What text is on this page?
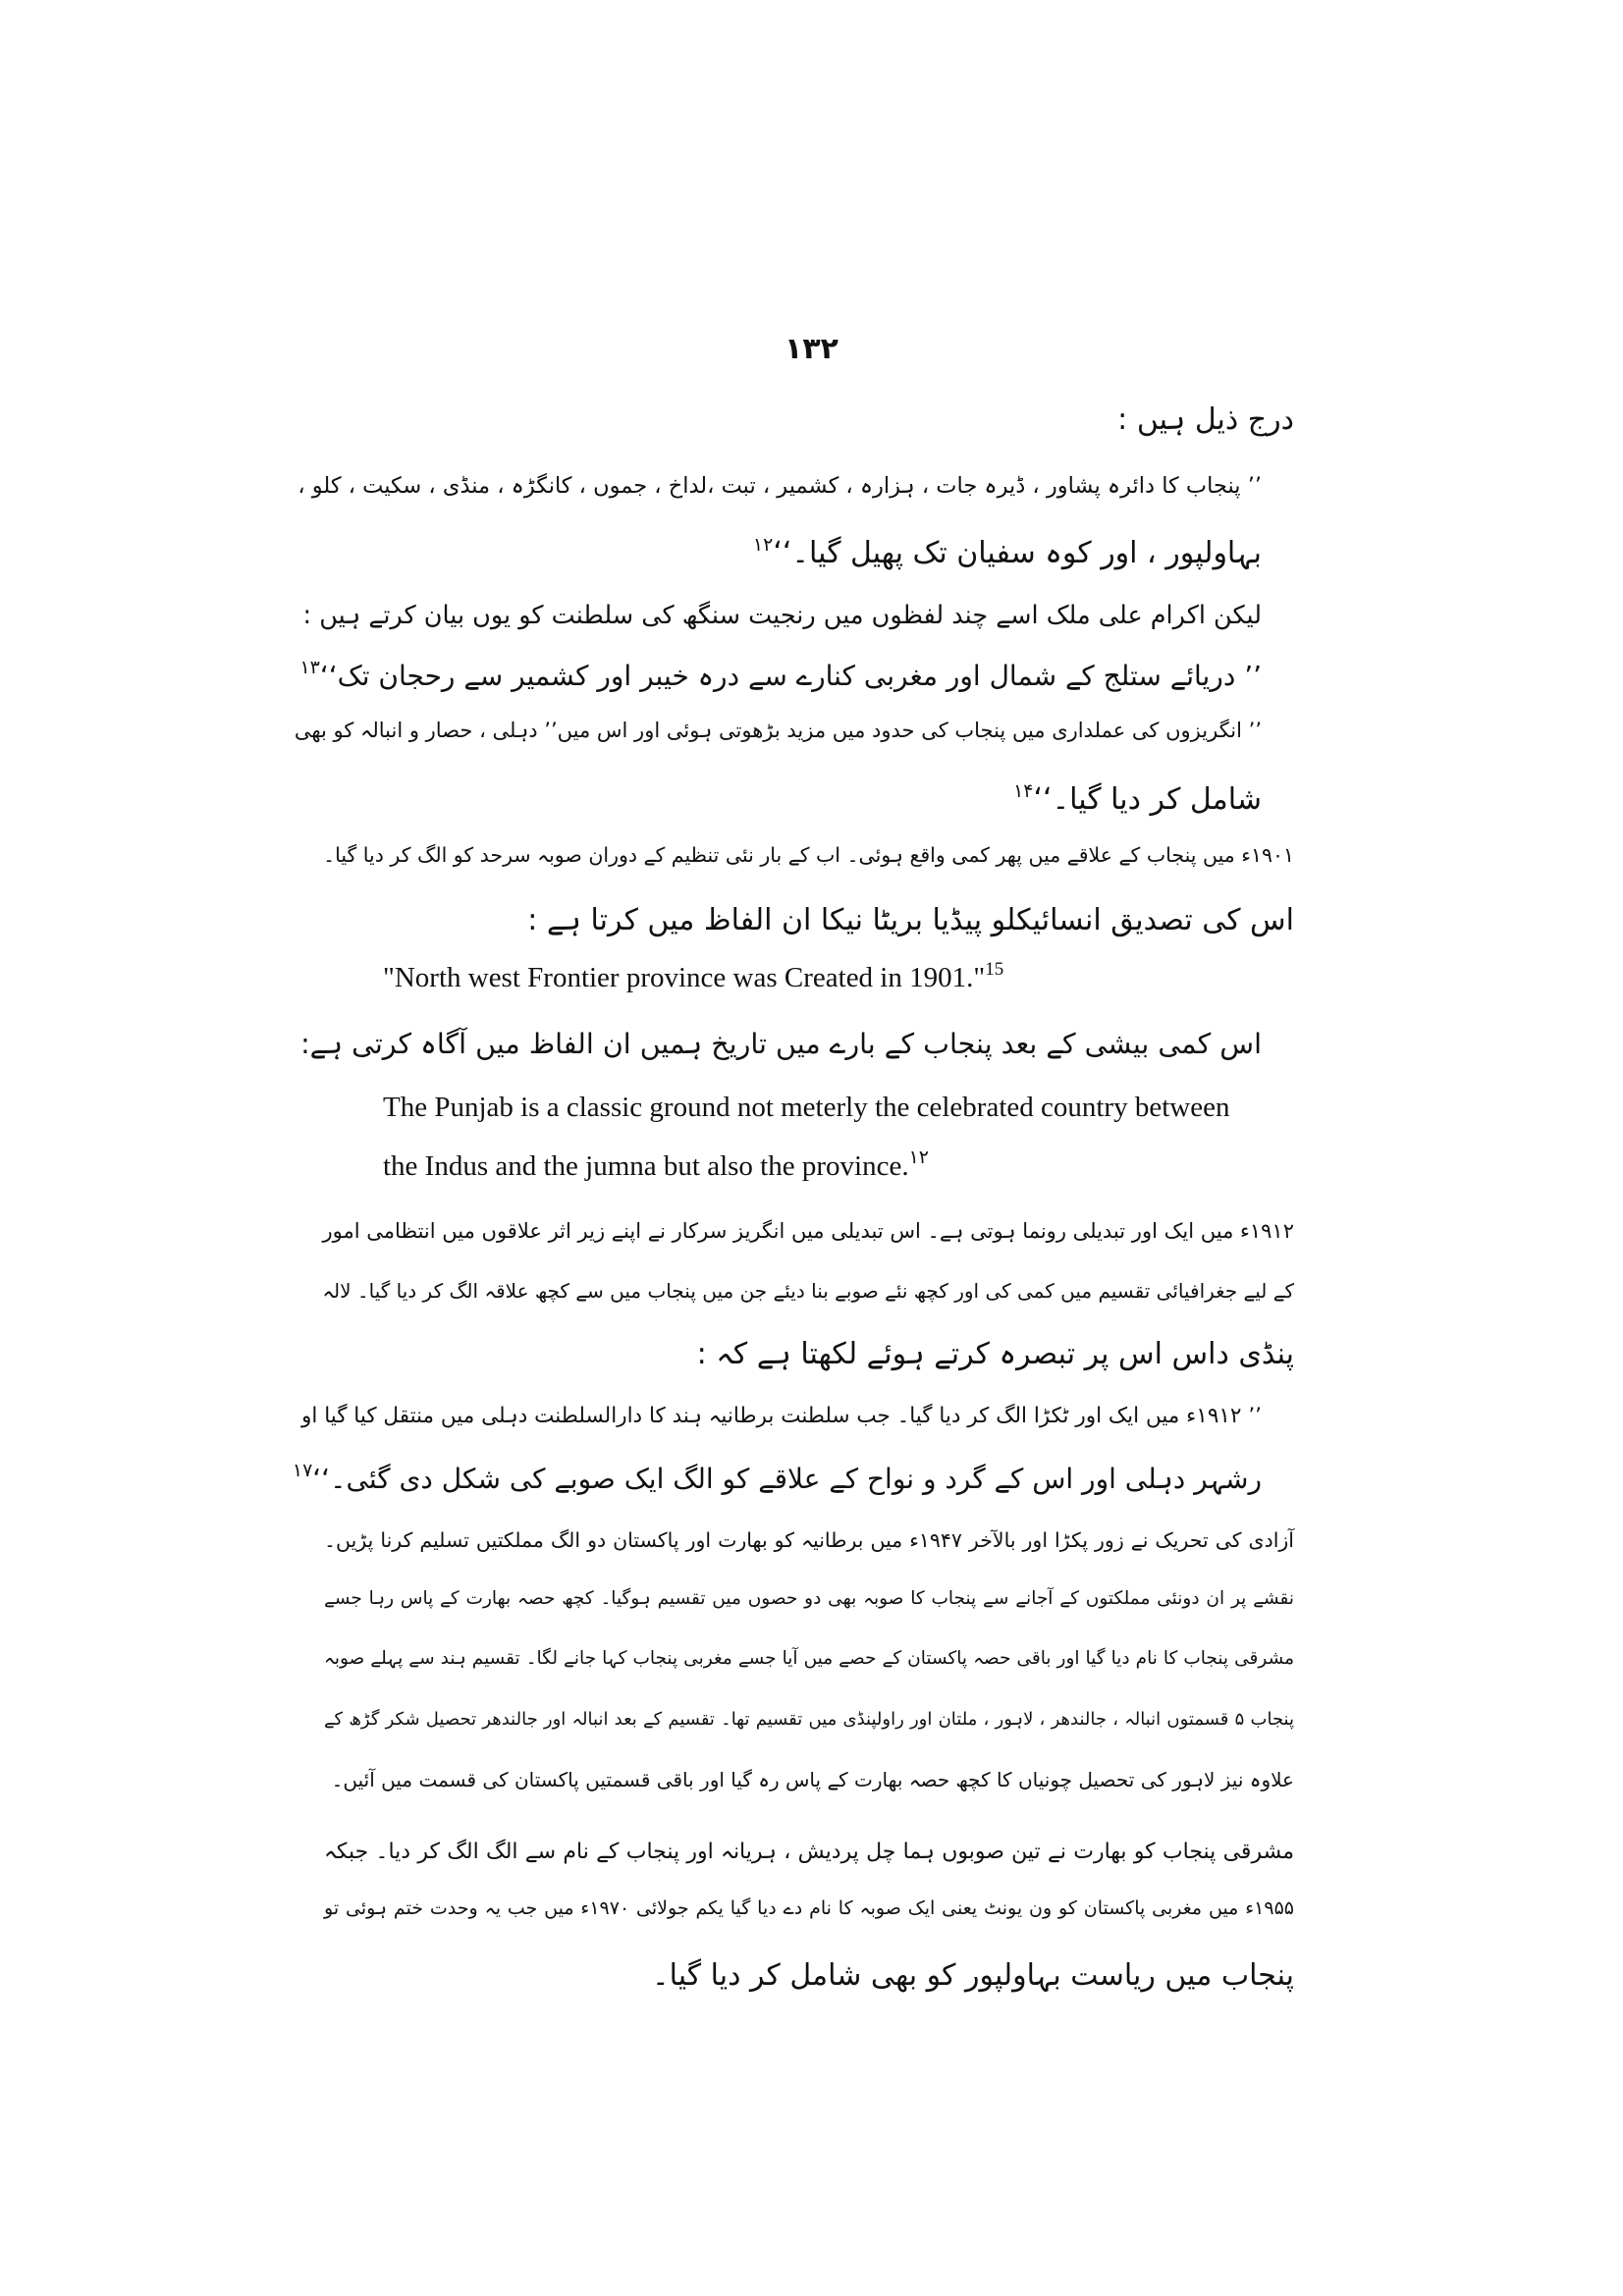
۱۳۲
درج ذیل ہیں :
’’ پنجاب کا دائرہ پشاور ، ڈیرہ جات ، ہزارہ ، کشمیر ، تبت ،لداخ ، جموں ، کانگڑہ ، منڈی ، سکیت ، کلو ،
بہاولپور ، اور کوہ سفیان تک پھیل گیا۔‘‘$^{۱۲}$
لیکن اکرام علی ملک اسے چند لفظوں میں رنجیت سنگھ کی سلطنت کو یوں بیان کرتے ہیں :
’’ دریائے ستلج کے شمال اور مغربی کنارے سے درہ خیبر اور کشمیر سے رحجان تک‘‘$^{۱۳}$
’’ انگریزوں کی عملداری میں پنجاب کی حدود میں مزید بڑھوتی ہوئی اور اس میں’’ دہلی ، حصار و انبالہ کو بھی
شامل کر دیا گیا۔‘‘$^{۱۴}$
۱۹۰۱ء میں پنجاب کے علاقے میں پھر کمی واقع ہوئی۔ اب کے بار نئی تنظیم کے دوران صوبہ سرحد کو الگ کر دیا گیا۔
اس کی تصدیق انسائیکلو پیڈیا بریٹا نیکا ان الفاظ میں کرتا ہے :
"North west Frontier province was Created in 1901."$^{15}$
اس کمی بیشی کے بعد پنجاب کے بارے میں تاریخ ہمیں ان الفاظ میں آگاہ کرتی ہے:
The Punjab is a classic ground not meterly the celebrated country between
the Indus and the jumna but also the province.$^{۱۲}$
۱۹۱۲ء میں ایک اور تبدیلی رونما ہوتی ہے۔ اس تبدیلی میں انگریز سرکار نے اپنے زیر اثر علاقوں میں انتظامی امور
کے لیے جغرافیائی تقسیم میں کمی کی اور کچھ نئے صوبے بنا دیئے جن میں پنجاب میں سے کچھ علاقہ الگ کر دیا گیا۔ لالہ
پنڈی داس اس پر تبصرہ کرتے ہوئے لکھتا ہے کہ :
’’ ۱۹۱۲ء میں ایک اور ٹکڑا الگ کر دیا گیا۔ جب سلطنت برطانیہ ہند کا دارالسلطنت دہلی میں منتقل کیا گیا او
رشہر دہلی اور اس کے گرد و نواح کے علاقے کو الگ ایک صوبے کی شکل دی گئی۔‘‘$^{۱۷}$
آزادی کی تحریک نے زور پکڑا اور بالآخر ۱۹۴۷ء میں برطانیہ کو بھارت اور پاکستان دو الگ مملکتیں تسلیم کرنا پڑیں۔
نقشے پر ان دونئی مملکتوں کے آجانے سے پنجاب کا صوبہ بھی دو حصوں میں تقسیم ہوگیا۔ کچھ حصہ بھارت کے پاس رہا جسے
مشرقی پنجاب کا نام دیا گیا اور باقی حصہ پاکستان کے حصے میں آیا جسے مغربی پنجاب کہا جانے لگا۔ تقسیم ہند سے پہلے صوبہ
پنجاب ۵ قسمتوں انبالہ ، جالندھر ، لاہور ، ملتان اور راولپنڈی میں تقسیم تھا۔ تقسیم کے بعد انبالہ اور جالندھر تحصیل شکر گڑھ کے
علاوہ نیز لاہور کی تحصیل چونیاں کا کچھ حصہ بھارت کے پاس رہ گیا اور باقی قسمتیں پاکستان کی قسمت میں آئیں۔
مشرقی پنجاب کو بھارت نے تین صوبوں ہما چل پردیش ، ہریانہ اور پنجاب کے نام سے الگ الگ کر دیا۔ جبکہ
۱۹۵۵ء میں مغربی پاکستان کو ون یونٹ یعنی ایک صوبہ کا نام دے دیا گیا یکم جولائی ۱۹۷۰ء میں جب یہ وحدت ختم ہوئی تو
پنجاب میں ریاست بہاولپور کو بھی شامل کر دیا گیا۔
